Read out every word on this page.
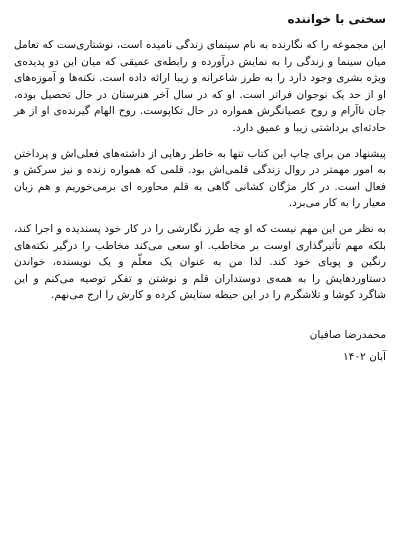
سخنی با خواننده

این مجموعه را که نگارنده به نام سینمای زندگی نامیده است، نوشتاری‌ست که تعامل میان سینما و زندگی را به نمایش درآورده و رابطه‌ی عمیقی که میان این دو پدیده‌ی ویژه بشری وجود دارد را به طرز شاعرانه و زیبا ارائه داده است. نکته‌ها و آموزه‌های او از حد یک نوجوان فراتر است. او که در سال آخر هنرستان در حال تحصیل بوده، جان ناآرام و روح عصیانگرش همواره در حال تکاپوست. روح الهام گیرنده‌ی او از هر حادثه‌ای برداشتی زیبا و عمیق دارد.

پیشنهاد من برای چاپ این کتاب تنها به خاطر رهایی از داشته‌های فعلی‌اش و پرداختن به امور مهمتر در روال زندگی قلمی‌اش بود. قلمی که همواره زنده و نیز سرکش و فعال است. در کار مژگان کشانی گاهی به قلم محاوره ای برمی‌خوریم و هم زبان معیار را به کار می‌برد.

به نظر من این مهم نیست که او چه طرز نگارشی را در کار خود پسندیده و اجرا کند، بلکه مهم تأثیرگذاری اوست بر مخاطب. او سعی می‌کند مخاطب را درگیر نکته‌های رنگین و پویای خود کند. لذا من به عنوان یک معلّم و یک نویسنده، خواندن دستاوردهایش را به همه‌ی دوستداران قلم و نوشتن و تفکر توصیه می‌کنم و این شاگرد کوشا و تلاشگرم را در این حیطه ستایش کرده و کارش را ارج می‌نهم.

محمدرضا صافیان
آبان ۱۴۰۲
